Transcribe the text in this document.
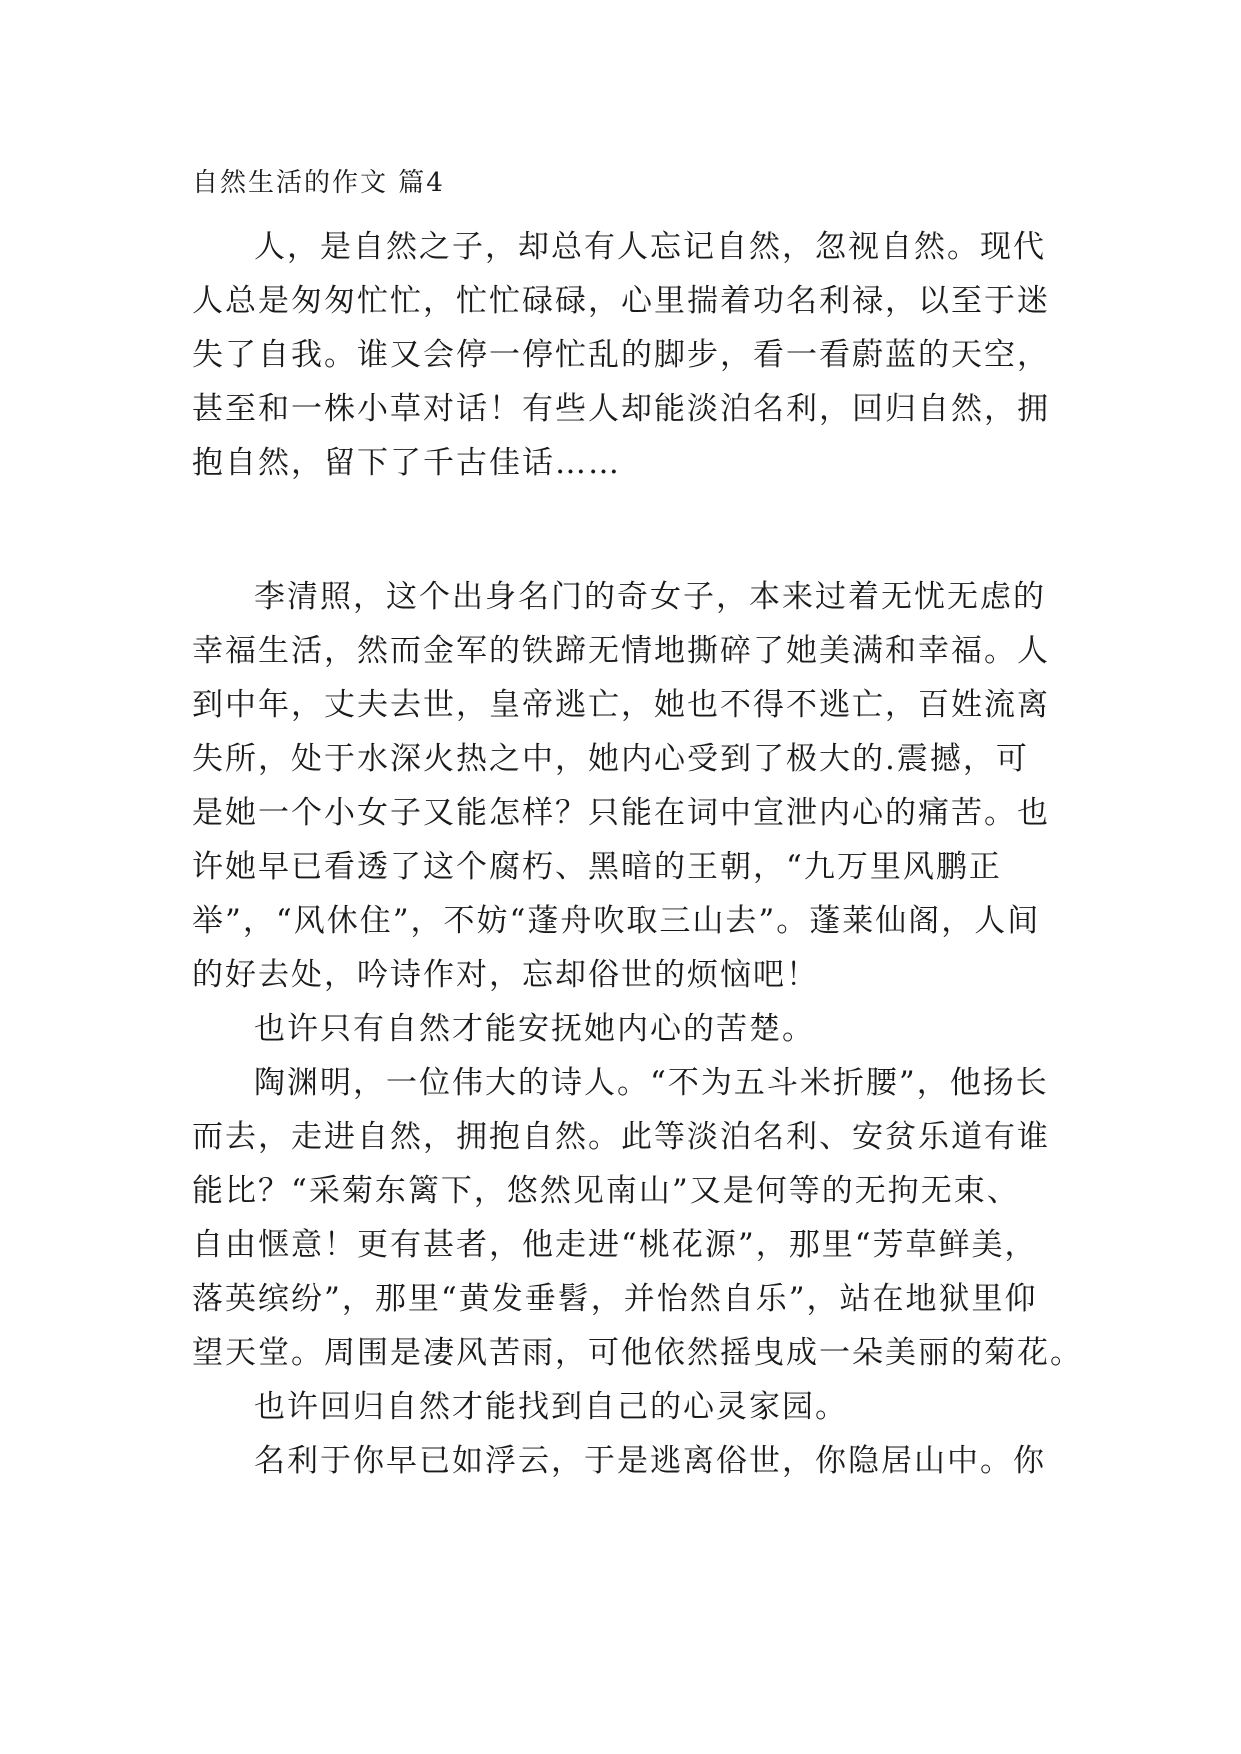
自然生活的作文 篇4
人，是自然之子，却总有人忘记自然，忽视自然。现代
人总是匆匆忙忙，忙忙碌碌，心里揣着功名利禄，以至于迷
失了自我。谁又会停一停忙乱的脚步，看一看蔚蓝的天空，
甚至和一株小草对话！有些人却能淡泊名利，回归自然，拥
抱自然，留下了千古佳话……
李清照，这个出身名门的奇女子，本来过着无忧无虑的
幸福生活，然而金军的铁蹄无情地撕碎了她美满和幸福。人
到中年，丈夫去世，皇帝逃亡，她也不得不逃亡，百姓流离
失所，处于水深火热之中，她内心受到了极大的.震撼，可
是她一个小女子又能怎样？只能在词中宣泄内心的痛苦。也
许她早已看透了这个腐朽、黑暗的王朝，“九万里风鹏正
举”，“风休住”，不妨“蓬舟吹取三山去”。蓬莱仙阁，人间
的好去处，吟诗作对，忘却俗世的烦恼吧！
也许只有自然才能安抚她内心的苦楚。
陶渊明，一位伟大的诗人。“不为五斗米折腰”，他扬长
而去，走进自然，拥抱自然。此等淡泊名利、安贫乐道有谁
能比？“采菊东篱下，悠然见南山”又是何等的无拘无束、
自由惬意！更有甚者，他走进“桃花源”，那里“芳草鲜美，
落英缤纷”，那里“黄发垂髫，并怡然自乐”，站在地狱里仰
望天堂。周围是凄风苦雨，可他依然摇曳成一朵美丽的菊花。
也许回归自然才能找到自己的心灵家园。
名利于你早已如浮云，于是逃离俗世，你隐居山中。你
